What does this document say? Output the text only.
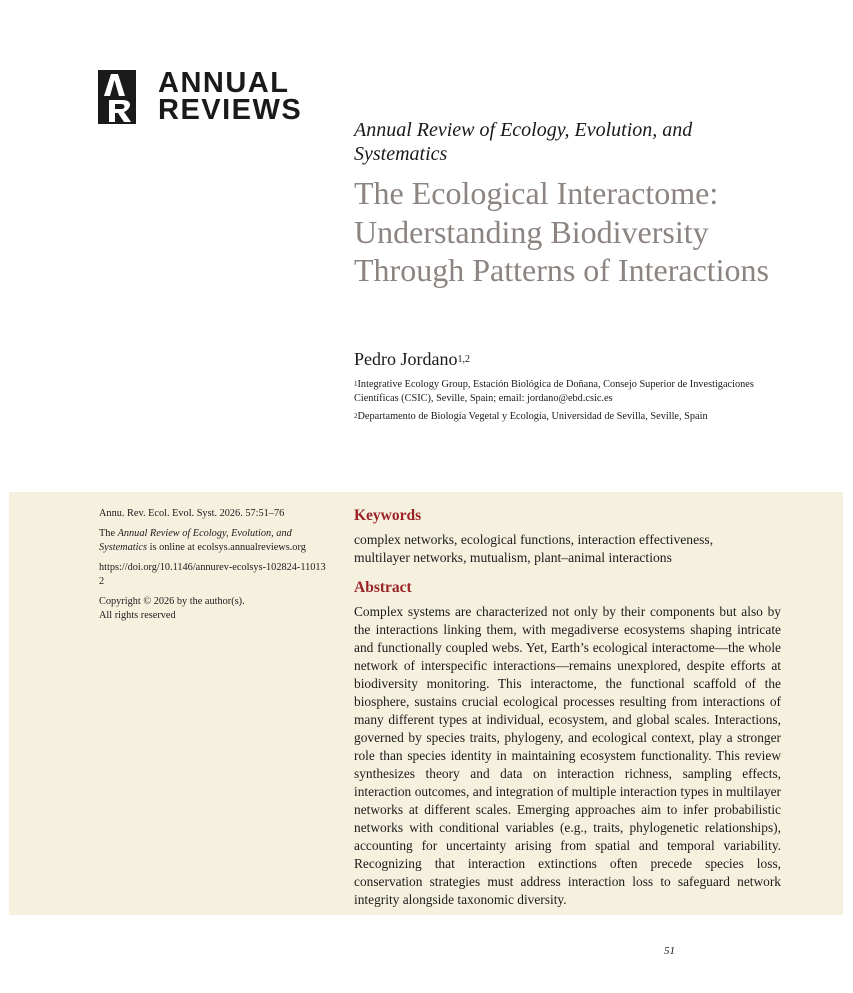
ANNUAL
REVIEWS
Annual Review of Ecology, Evolution, and Systematics
The Ecological Interactome: Understanding Biodiversity Through Patterns of Interactions
Pedro Jordano$^{1,2}$

$^1$Integrative Ecology Group, Estación Biológica de Doñana, Consejo Superior de Investigaciones Científicas (CSIC), Seville, Spain; email: jordano@ebd.csic.es

$^2$Departamento de Biología Vegetal y Ecología, Universidad de Sevilla, Seville, Spain

Annu. Rev. Ecol. Evol. Syst. 2026. 57:51–76

The Annual Review of Ecology, Evolution, and Systematics is online at ecolsys.annualreviews.org

https://doi.org/10.1146/annurev-ecolsys-102824-110132

Copyright © 2026 by the author(s).
All rights reserved

Keywords
complex networks, ecological functions, interaction effectiveness, multilayer networks, mutualism, plant–animal interactions
Abstract
Complex systems are characterized not only by their components but also by the interactions linking them, with megadiverse ecosystems shaping intricate and functionally coupled webs. Yet, Earth’s ecological interactome—the whole network of interspecific interactions—remains unexplored, despite efforts at biodiversity monitoring. This interactome, the functional scaffold of the biosphere, sustains crucial ecological processes resulting from interactions of many different types at individual, ecosystem, and global scales. Interactions, governed by species traits, phylogeny, and ecological context, play a stronger role than species identity in maintaining ecosystem functionality. This review synthesizes theory and data on interaction richness, sampling effects, interaction outcomes, and integration of multiple interaction types in multilayer networks at different scales. Emerging approaches aim to infer probabilistic networks with conditional variables (e.g., traits, phylogenetic relationships), accounting for uncertainty arising from spatial and temporal variability. Recognizing that interaction extinctions often precede species loss, conservation strategies must address interaction loss to safeguard network integrity alongside taxonomic diversity.
51
